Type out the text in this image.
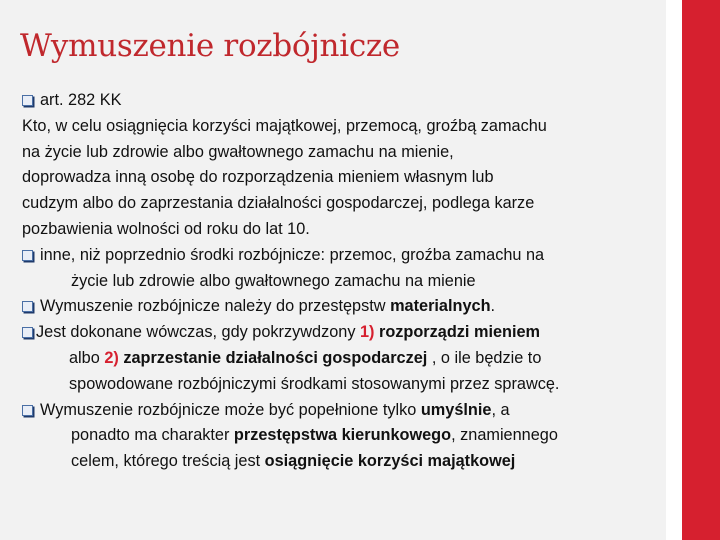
Wymuszenie rozbójnicze
art. 282 KK
Kto, w celu osiągnięcia korzyści majątkowej, przemocą, groźbą zamachu
na życie lub zdrowie albo gwałtownego zamachu na mienie,
doprowadza inną osobę do rozporządzenia mieniem własnym lub
cudzym albo do zaprzestania działalności gospodarczej, podlega karze
pozbawienia wolności od roku do lat 10.
inne, niż poprzednio środki rozbójnicze: przemoc, groźba zamachu na
życie lub zdrowie albo gwałtownego zamachu na mienie
Wymuszenie rozbójnicze należy do przestępstw materialnych.
Jest dokonane wówczas, gdy pokrzywdzony 1) rozporządzi mieniem
albo 2) zaprzestanie działalności gospodarczej , o ile będzie to
spowodowane rozbójniczymi środkami stosowanymi przez sprawcę.
Wymuszenie rozbójnicze może być popełnione tylko umyślnie, a
ponadto ma charakter przestępstwa kierunkowego, znamiennego
celem, którego treścią jest osiągnięcie korzyści majątkowej
